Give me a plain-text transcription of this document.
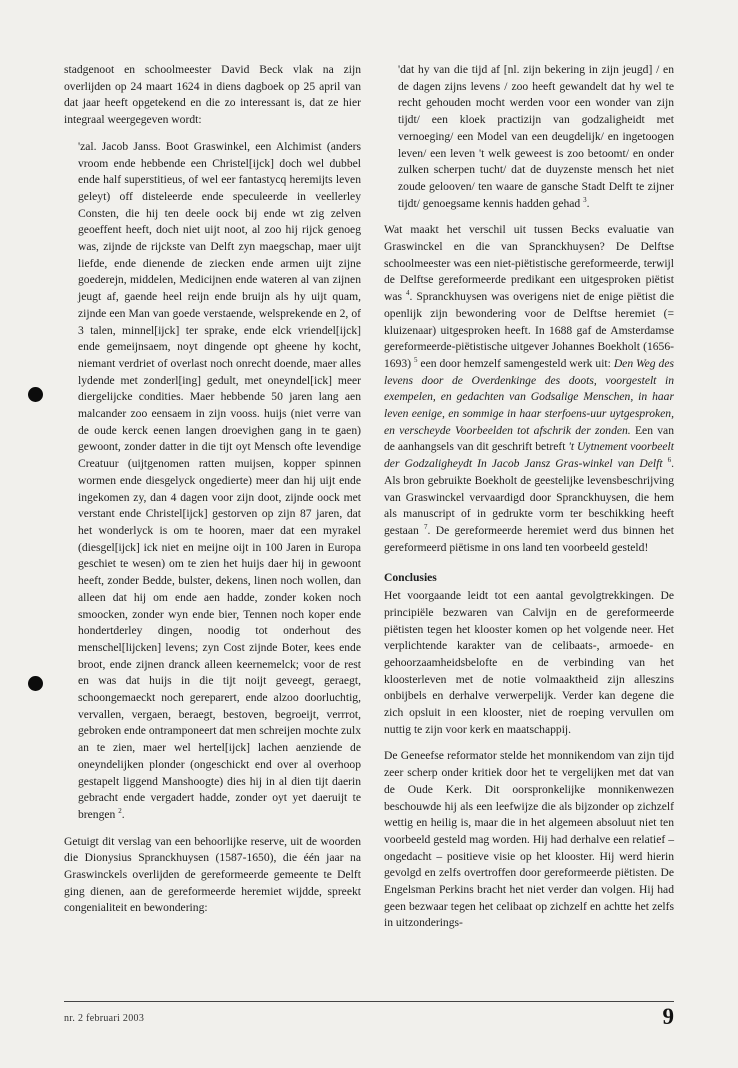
stadgenoot en schoolmeester David Beck vlak na zijn overlijden op 24 maart 1624 in diens dagboek op 25 april van dat jaar heeft opgetekend en die zo interessant is, dat ze hier integraal weergegeven wordt:

'zal. Jacob Janss. Boot Graswinkel, een Alchimist (anders vroom ende hebbende een Christel[ijck] doch wel dubbel ende half superstitieus, of wel eer fantastycq heremijts leven geleyt) off disteleerde ende speculeerde in veellerley Consten, die hij ten deele oock bij ende wt zig zelven geoeffent heeft, doch niet uijt noot, al zoo hij rijck genoeg was, zijnde de rijckste van Delft zyn maegschap, maer uijt liefde, ende dienende de ziecken ende armen uijt zijne goederejn, middelen, Medicijnen ende wateren al van zijnen jeugt af, gaende heel reijn ende bruijn als hy uijt quam, zijnde een Man van goede verstaende, welsprekende en 2, of 3 talen, minnel[ijck] ter sprake, ende elck vriendel[ijck] ende gemeijnsaem, noyt dingende opt gheene hy kocht, niemant verdriet of overlast noch onrecht doende, maer alles lydende met zonderl[ing] gedult, met oneyndel[ick] meer diergelijcke condities. Maer hebbende 50 jaren lang aen malcander zoo eensaem in zijn vooss. huijs (niet verre van de oude kerck eenen langen droevighen gang in te gaen) gewoont, zonder datter in die tijt oyt Mensch ofte levendige Creatuur (uijtgenomen ratten muijsen, kopper spinnen wormen ende diesgelyck ongedierte) meer dan hij uijt ende ingekomen zy, dan 4 dagen voor zijn doot, zijnde oock met verstant ende Christel[ijck] gestorven op zijn 87 jaren, dat het wonderlyck is om te hooren, maer dat een myrakel (diesgel[ijck] ick niet en meijne oijt in 100 Jaren in Europa geschiet te wesen) om te zien het huijs daer hij in gewoont heeft, zonder Bedde, bulster, dekens, linen noch wollen, dan alleen dat hij om ende aen hadde, zonder koken noch smoocken, zonder wyn ende bier, Tennen noch koper ende hondertderley dingen, noodig tot onderhout des menschel[lijcken] levens; zyn Cost zijnde Boter, kees ende broot, ende zijnen dranck alleen keernemelck; voor de rest en was dat huijs in die tijt noijt geveegt, geraegt, schoongemaeckt noch gereparert, ende alzoo doorluchtig, vervallen, vergaen, beraegt, bestoven, begroeijt, verrrot, gebroken ende ontramponeert dat men schreijen mochte zulx an te zien, maer wel hertel[ijck] lachen aenziende de oneyndelijken plonder (ongeschickt end over al overhoop gestapelt liggend Manshoogte) dies hij in al dien tijt daerin gebracht ende vergadert hadde, zonder oyt yet daeruijt te brengen $^2$.

Getuigt dit verslag van een behoorlijke reserve, uit de woorden die Dionysius Spranckhuysen (1587-1650), die één jaar na Graswinckels overlijden de gereformeerde gemeente te Delft ging dienen, aan de gereformeerde heremiet wijdde, spreekt congenialiteit en bewondering:

'dat hy van die tijd af [nl. zijn bekering in zijn jeugd] / en de dagen zijns levens / zoo heeft gewandelt dat hy wel te recht gehouden mocht werden voor een wonder van zijn tijdt/ een kloek practizijn van godzaligheidt met vernoeging/ een Model van een deugdelijk/ en ingetoogen leven/ een leven 't welk geweest is zoo betoomt/ en onder zulken scherpen tucht/ dat de duyzenste mensch het niet zoude gelooven/ ten waare de gansche Stadt Delft te zijner tijdt/ genoegsame kennis hadden gehad $^3$.

Wat maakt het verschil uit tussen Becks evaluatie van Graswinckel en die van Spranckhuysen? De Delftse schoolmeester was een niet-piëtistische gereformeerde, terwijl de Delftse gereformeerde predikant een uitgesproken piëtist was $^4$. Spranckhuysen was overigens niet de enige piëtist die openlijk zijn bewondering voor de Delftse heremiet (= kluizenaar) uitgesproken heeft. In 1688 gaf de Amsterdamse gereformeerde-piëtistische uitgever Johannes Boekholt (1656-1693) $^5$ een door hemzelf samengesteld werk uit: Den Weg des levens door de Overdenkinge des doots, voorgestelt in exempelen, en gedachten van Godsalige Menschen, in haar leven eenige, en sommige in haar sterfoens-uur uytgesproken, en verscheyde Voorbeelden tot afschrik der zonden. Een van de aanhangsels van dit geschrift betreft 't Uytnement voorbeelt der Godzaligheydt In Jacob Jansz Gras-winkel van Delft $^6$. Als bron gebruikte Boekholt de geestelijke levensbeschrijving van Graswinckel vervaardigd door Spranckhuysen, die hem als manuscript of in gedrukte vorm ter beschikking heeft gestaan $^7$. De gereformeerde heremiet werd dus binnen het gereformeerd piëtisme in ons land ten voorbeeld gesteld!

Conclusies

Het voorgaande leidt tot een aantal gevolgtrekkingen. De principiële bezwaren van Calvijn en de gereformeerde piëtisten tegen het klooster komen op het volgende neer. Het verplichtende karakter van de celibaats-, armoede- en gehoorzaamheidsbelofte en de verbinding van het kloosterleven met de notie volmaaktheid zijn alleszins onbijbels en derhalve verwerpelijk. Verder kan degene die zich opsluit in een klooster, niet de roeping vervullen om nuttig te zijn voor kerk en maatschappij.

De Geneefse reformator stelde het monnikendom van zijn tijd zeer scherp onder kritiek door het te vergelijken met dat van de Oude Kerk. Dit oorspronkelijke monnikenwezen beschouwde hij als een leefwijze die als bijzonder op zichzelf wettig en heilig is, maar die in het algemeen absoluut niet ten voorbeeld gesteld mag worden. Hij had derhalve een relatief – ongedacht – positieve visie op het klooster. Hij werd hierin gevolgd en zelfs overtroffen door gereformeerde piëtisten. De Engelsman Perkins bracht het niet verder dan volgen. Hij had geen bezwaar tegen het celibaat op zichzelf en achtte het zelfs in uitzonderings-

nr. 2 februari 2003	9
